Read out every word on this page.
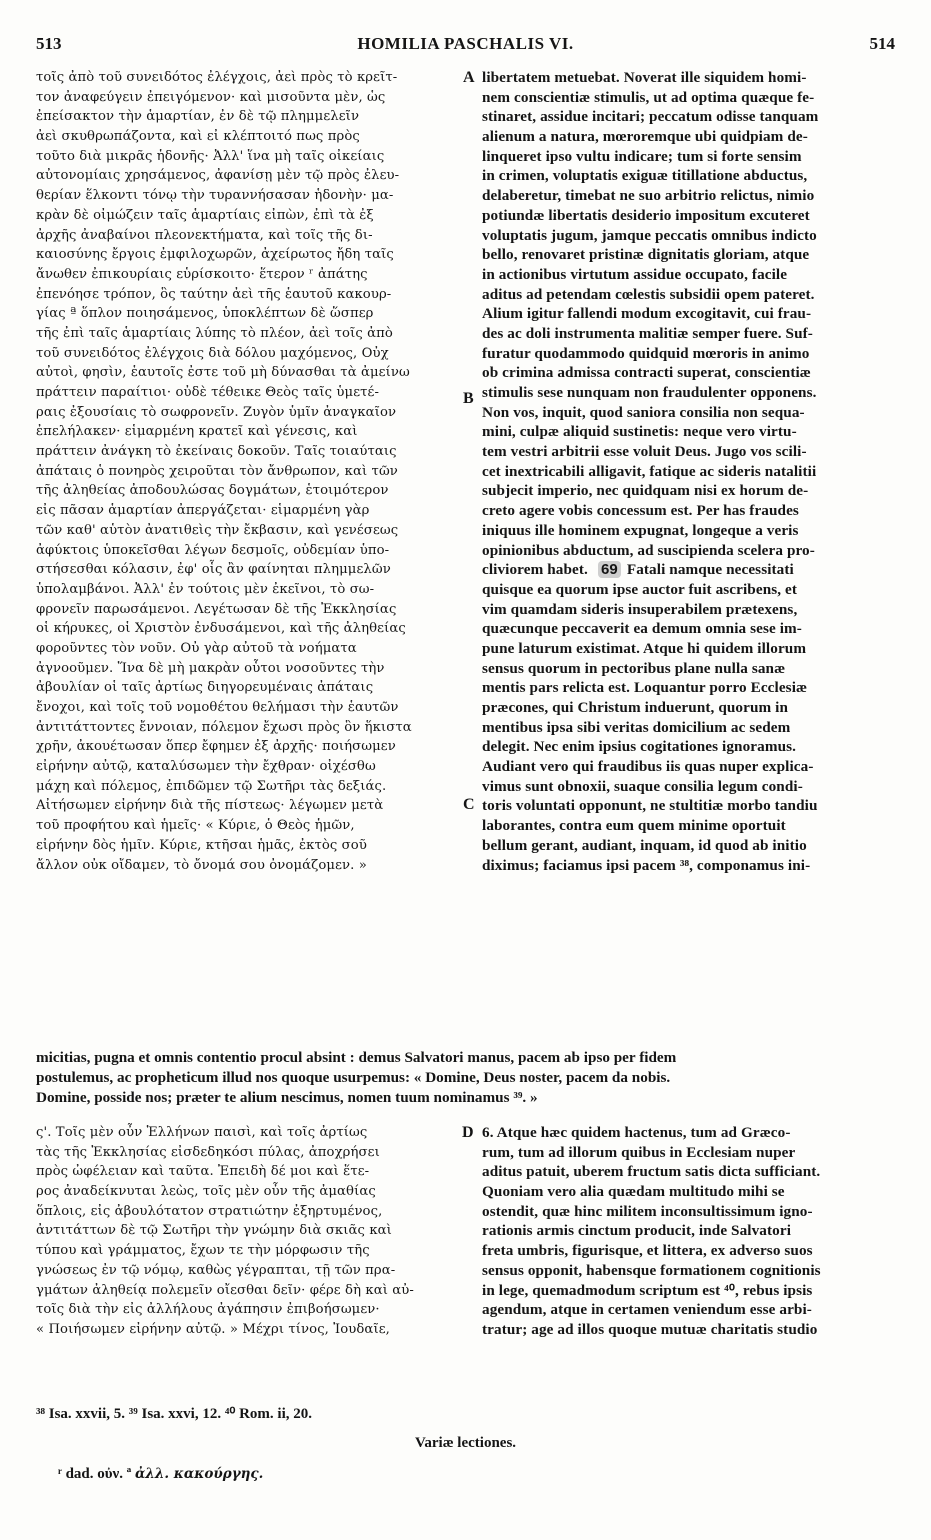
513	HOMILIA PASCHALIS VI.	514
τοῖς ἀπὸ τοῦ συνειδότος ἐλέγχοις, ἀεὶ πρὸς τὸ κρεῖτ-
τον ἀναφεύγειν ἐπειγόμενον· καὶ μισοῦντα μὲν, ὡς
ἐπείσακτον τὴν ἁμαρτίαν, ἐν δὲ τῷ πλημμελεῖν
ἀεὶ σκυθρωπάζοντα, καὶ εἰ κλέπτοιτό πως πρὸς
τοῦτο διὰ μικρᾶς ἡδονῆς· Ἀλλ' ἵνα μὴ ταῖς οἰκείαις
αὐτονομίαις χρησάμενος, ἀφανίσῃ μὲν τῷ πρὸς ἐλευ-
θερίαν ἕλκοντι τόνῳ τὴν τυραννήσασαν ἡδονὴν· μα-
κρὰν δὲ οἰμώζειν ταῖς ἁμαρτίαις εἰπὼν, ἐπὶ τὰ ἐξ
ἀρχῆς ἀναβαίνοι πλεονεκτήματα, καὶ τοῖς τῆς δι-
καιοσύνης ἔργοις ἐμφιλοχωρῶν, ἀχείρωτος ἤδη ταῖς
ἄνωθεν ἐπικουρίαις εὑρίσκοιτο· ἕτερον ʳ ἀπάτης
ἐπενόησε τρόπον, ὃς ταύτην ἀεὶ τῆς ἑαυτοῦ κακουρ-
γίας ª ὅπλον ποιησάμενος, ὑποκλέπτων δὲ ὥσπερ
τῆς ἐπὶ ταῖς ἁμαρτίαις λύπης τὸ πλέον, ἀεὶ τοῖς ἀπὸ
τοῦ συνειδότος ἐλέγχοις διὰ δόλου μαχόμενος, Οὐχ
αὐτοὶ, φησὶν, ἑαυτοῖς ἐστε τοῦ μὴ δύνασθαι τὰ ἀμείνω
πράττειν παραίτιοι· οὐδὲ τέθεικε Θεὸς ταῖς ὑμετέ-
ραις ἐξουσίαις τὸ σωφρονεῖν. Ζυγὸν ὑμῖν ἀναγκαῖον
ἐπελήλακεν· εἱμαρμένη κρατεῖ καὶ γένεσις, καὶ
πράττειν ἀνάγκη τὸ ἐκείναις δοκοῦν. Ταῖς τοιαύταις
ἀπάταις ὁ πονηρὸς χειροῦται τὸν ἄνθρωπον, καὶ τῶν
τῆς ἀληθείας ἀποδουλώσας δογμάτων, ἑτοιμότερον
εἰς πᾶσαν ἁμαρτίαν ἀπεργάζεται· εἱμαρμένη γὰρ
τῶν καθ' αὑτὸν ἀνατιθεὶς τὴν ἔκβασιν, καὶ γενέσεως
ἀφύκτοις ὑποκεῖσθαι λέγων δεσμοῖς, οὐδεμίαν ὑπο-
στήσεσθαι κόλασιν, ἐφ' οἷς ἂν φαίνηται πλημμελῶν
ὑπολαμβάνοι. Ἀλλ' ἐν τούτοις μὲν ἐκεῖνοι, τὸ σω-
φρονεῖν παρωσάμενοι. Λεγέτωσαν δὲ τῆς Ἐκκλησίας
οἱ κήρυκες, οἱ Χριστὸν ἐνδυσάμενοι, καὶ τῆς ἀληθείας
φοροῦντες τὸν νοῦν. Οὐ γὰρ αὐτοῦ τὰ νοήματα
ἀγνοοῦμεν. Ἵνα δὲ μὴ μακρὰν οὗτοι νοσοῦντες τὴν
ἀβουλίαν οἱ ταῖς ἀρτίως διηγορευμέναις ἀπάταις
ἔνοχοι, καὶ τοῖς τοῦ νομοθέτου θελήμασι τὴν ἑαυτῶν
ἀντιτάττοντες ἔννοιαν, πόλεμον ἔχωσι πρὸς ὃν ἥκιστα
χρῆν, ἀκουέτωσαν ὅπερ ἔφημεν ἐξ ἀρχῆς· ποιήσωμεν
εἰρήνην αὐτῷ, καταλύσωμεν τὴν ἔχθραν· οἰχέσθω
μάχη καὶ πόλεμος, ἐπιδῶμεν τῷ Σωτῆρι τὰς δεξιάς.
Αἰτήσωμεν εἰρήνην διὰ τῆς πίστεως· λέγωμεν μετὰ
τοῦ προφήτου καὶ ἡμεῖς· « Κύριε, ὁ Θεὸς ἡμῶν,
εἰρήνην δὸς ἡμῖν. Κύριε, κτῆσαι ἡμᾶς, ἐκτὸς σοῦ
ἄλλον οὐκ οἴδαμεν, τὸ ὄνομά σου ὀνομάζομεν. »
libertatem metuebat. Noverat ille siquidem homi-
nem conscientiæ stimulis, ut ad optima quæque fe-
stinaret, assidue incitari; peccatum odisse tanquam
alienum a natura, mœroremque ubi quidpiam de-
linqueret ipso vultu indicare; tum si forte sensim
in crimen, voluptatis exiguæ titillatione abductus,
delaberetur, timebat ne suo arbitrio relictus, nimio
potiundæ libertatis desiderio impositum excuteret
voluptatis jugum, jamque peccatis omnibus indicto
bello, renovaret pristinæ dignitatis gloriam, atque
in actionibus virtutum assidue occupato, facile
aditus ad petendam cœlestis subsidii opem pateret.
Alium igitur fallendi modum excogitavit, cui frau-
des ac doli instrumenta malitiæ semper fuere. Suf-
furatur quodammodo quidquid mœroris in animo
ob crimina admissa contracti superat, conscientiæ
stimulis sese nunquam non fraudulenter opponens.
Non vos, inquit, quod saniora consilia non sequa-
mini, culpæ aliquid sustinetis: neque vero virtu-
tem vestri arbitrii esse voluit Deus. Jugo vos scili-
cet inextricabili alligavit, fatique ac sideris natalitii
subjecit imperio, nec quidquam nisi ex horum de-
creto agere vobis concessum est. Per has fraudes
iniquus ille hominem expugnat, longeque a veris
opinionibus abductum, ad suscipienda scelera pro-
cliviorem habet. 69 Fatali namque necessitati
quisque ea quorum ipse auctor fuit ascribens, et
vim quamdam sideris insuperabilem prætexens,
quæcunque peccaverit ea demum omnia sese im-
pune laturum existimat. Atque hi quidem illorum
sensus quorum in pectoribus plane nulla sanæ
mentis pars relicta est. Loquantur porro Ecclesiæ
præcones, qui Christum induerunt, quorum in
mentibus ipsa sibi veritas domicilium ac sedem
delegit. Nec enim ipsius cogitationes ignoramus.
Audiant vero qui fraudibus iis quas nuper explica-
vimus sunt obnoxii, suaque consilia legum condi-
toris voluntati opponunt, ne stultitiæ morbo tandiu
laborantes, contra eum quem minime oportuit
bellum gerant, audiant, inquam, id quod ab initio
diximus; faciamus ipsi pacem ³⁸, componamus ini-
A
B
C
D
micitias, pugna et omnis contentio procul absint : demus Salvatori manus, pacem ab ipso per fidem
postulemus, ac propheticum illud nos quoque usurpemus: « Domine, Deus noster, pacem da nobis.
Domine, posside nos; præter te alium nescimus, nomen tuum nominamus ³⁹. »
ς'. Τοῖς μὲν οὖν Ἑλλήνων παισὶ, καὶ τοῖς ἀρτίως
τὰς τῆς Ἐκκλησίας εἰσδεδηκόσι πύλας, ἀποχρήσει
πρὸς ὠφέλειαν καὶ ταῦτα. Ἐπειδὴ δέ μοι καὶ ἕτε-
ρος ἀναδείκνυται λεὼς, τοῖς μὲν οὖν τῆς ἀμαθίας
ὅπλοις, εἰς ἀβουλότατον στρατιώτην ἐξηρτυμένος,
ἀντιτάττων δὲ τῷ Σωτῆρι τὴν γνώμην διὰ σκιᾶς καὶ
τύπου καὶ γράμματος, ἔχων τε τὴν μόρφωσιν τῆς
γνώσεως ἐν τῷ νόμῳ, καθὼς γέγραπται, τῇ τῶν πρα-
γμάτων ἀληθείᾳ πολεμεῖν οἴεσθαι δεῖν· φέρε δὴ καὶ αὐ-
τοῖς διὰ τὴν εἰς ἀλλήλους ἀγάπησιν ἐπιβοήσωμεν·
« Ποιήσωμεν εἰρήνην αὐτῷ. » Μέχρι τίνος, Ἰουδαῖε,
6. Atque hæc quidem hactenus, tum ad Græco-
rum, tum ad illorum quibus in Ecclesiam nuper
aditus patuit, uberem fructum satis dicta sufficiant.
Quoniam vero alia quædam multitudo mihi se
ostendit, quæ hinc militem inconsultissimum igno-
rationis armis cinctum producit, inde Salvatori
freta umbris, figurisque, et littera, ex adverso suos
sensus opponit, habensque formationem cognitionis
in lege, quemadmodum scriptum est ⁴⁰, rebus ipsis
agendum, atque in certamen veniendum esse arbi-
tratur; age ad illos quoque mutuæ charitatis studio
³⁸ Isa. xxvii, 5. ³⁹ Isa. xxvi, 12. ⁴⁰ Rom. ii, 20.
Variæ lectiones.
ʳ dad. οὐν. ª ἀλλ. κακούργης.
